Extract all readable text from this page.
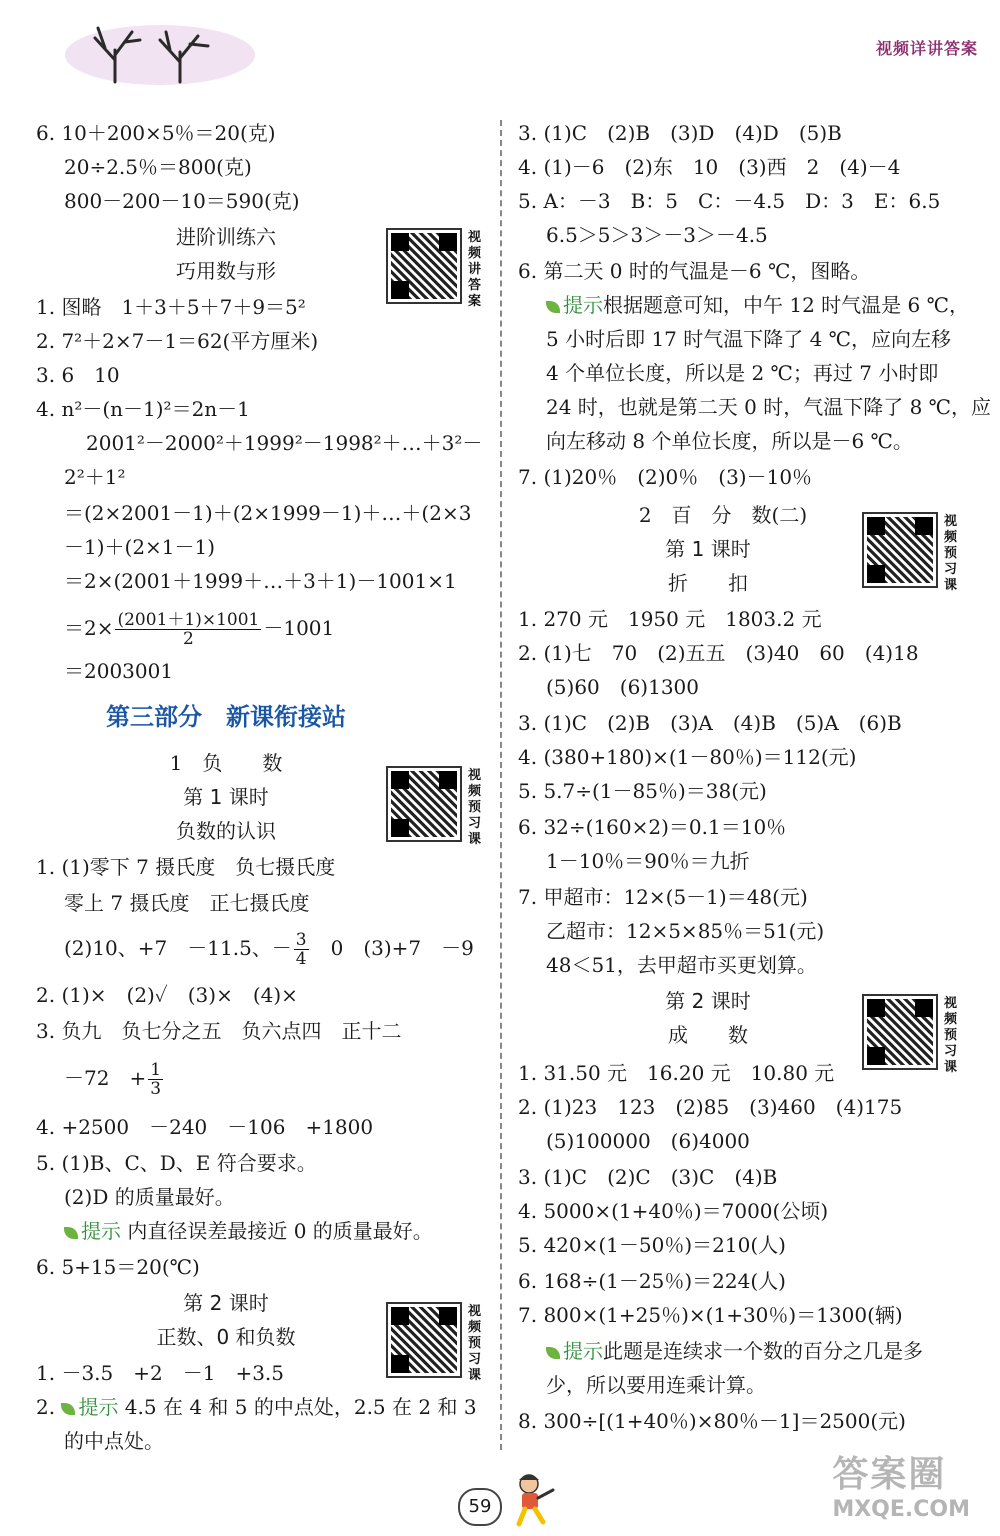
视频详讲答案
6. 10＋200×5％＝20(克)
20÷2.5％＝800(克)
800－200－10＝590(克)
进阶训练六
巧用数与形
视频讲答案
1. 图略　1＋3＋5＋7＋9＝5²
2. 7²＋2×7－1＝62(平方厘米)
3. 6　10
4. n²－(n－1)²＝2n－1
2001²－2000²＋1999²－1998²＋…＋3²－
2²＋1²
＝(2×2001－1)＋(2×1999－1)＋…＋(2×3
－1)＋(2×1－1)
＝2×(2001＋1999＋…＋3＋1)－1001×1
$=2\times \frac{(2001+1)\times 1001}{2} -1001$
＝2003001
第三部分　新课衔接站
1　负　　数
第 1 课时
负数的认识
视频预习课
1. (1)零下 7 摄氏度　负七摄氏度
零上 7 摄氏度　正七摄氏度
(2)10、+7　－11.5、－ $\frac{3}{4}$ 　0　(3)+7　－9
2. (1)×　(2)✓　(3)×　(4)×
3. 负九　负七分之五　负六点四　正十二
－72　+ $\frac{1}{3}$
4. +2500　－240　－106　+1800
5. (1)B、C、D、E 符合要求。
(2)D 的质量最好。
提示 内直径误差最接近 0 的质量最好。
6. 5+15＝20(℃)
第 2 课时
正数、0 和负数
视频预习课
1. －3.5　+2　－1　+3.5
2. 提示 4.5 在 4 和 5 的中点处，2.5 在 2 和 3
的中点处。
3. (1)C　(2)B　(3)D　(4)D　(5)B
4. (1)－6　(2)东　10　(3)西　2　(4)－4
5. A：－3　B：5　C：－4.5　D：3　E：6.5
6.5＞5＞3＞－3＞－4.5
6. 第二天 0 时的气温是－6 ℃，图略。
提示根据题意可知，中午 12 时气温是 6 ℃，
5 小时后即 17 时气温下降了 4 ℃，应向左移
4 个单位长度，所以是 2 ℃；再过 7 小时即
24 时，也就是第二天 0 时，气温下降了 8 ℃，应
向左移动 8 个单位长度，所以是－6 ℃。
7. (1)20％　(2)0％　(3)－10％
2　百　分　数(二)
第 1 课时
折　　扣
视频预习课
1. 270 元　1950 元　1803.2 元
2. (1)七　70　(2)五五　(3)40　60　(4)18
(5)60　(6)1300
3. (1)C　(2)B　(3)A　(4)B　(5)A　(6)B
4. (380+180)×(1－80％)＝112(元)
5. 5.7÷(1－85％)＝38(元)
6. 32÷(160×2)＝0.1＝10％
1－10％＝90％＝九折
7. 甲超市：12×(5－1)＝48(元)
乙超市：12×5×85％＝51(元)
48＜51，去甲超市买更划算。
第 2 课时
成　　数
视频预习课
1. 31.50 元　16.20 元　10.80 元
2. (1)23　123　(2)85　(3)460　(4)175
(5)100000　(6)4000
3. (1)C　(2)C　(3)C　(4)B
4. 5000×(1+40％)＝7000(公顷)
5. 420×(1－50％)＝210(人)
6. 168÷(1－25％)＝224(人)
7. 800×(1+25％)×(1+30％)＝1300(辆)
提示此题是连续求一个数的百分之几是多
少，所以要用连乘计算。
8. 300÷[(1+40％)×80％－1]＝2500(元)
59
答案圈
MXQE.COM
